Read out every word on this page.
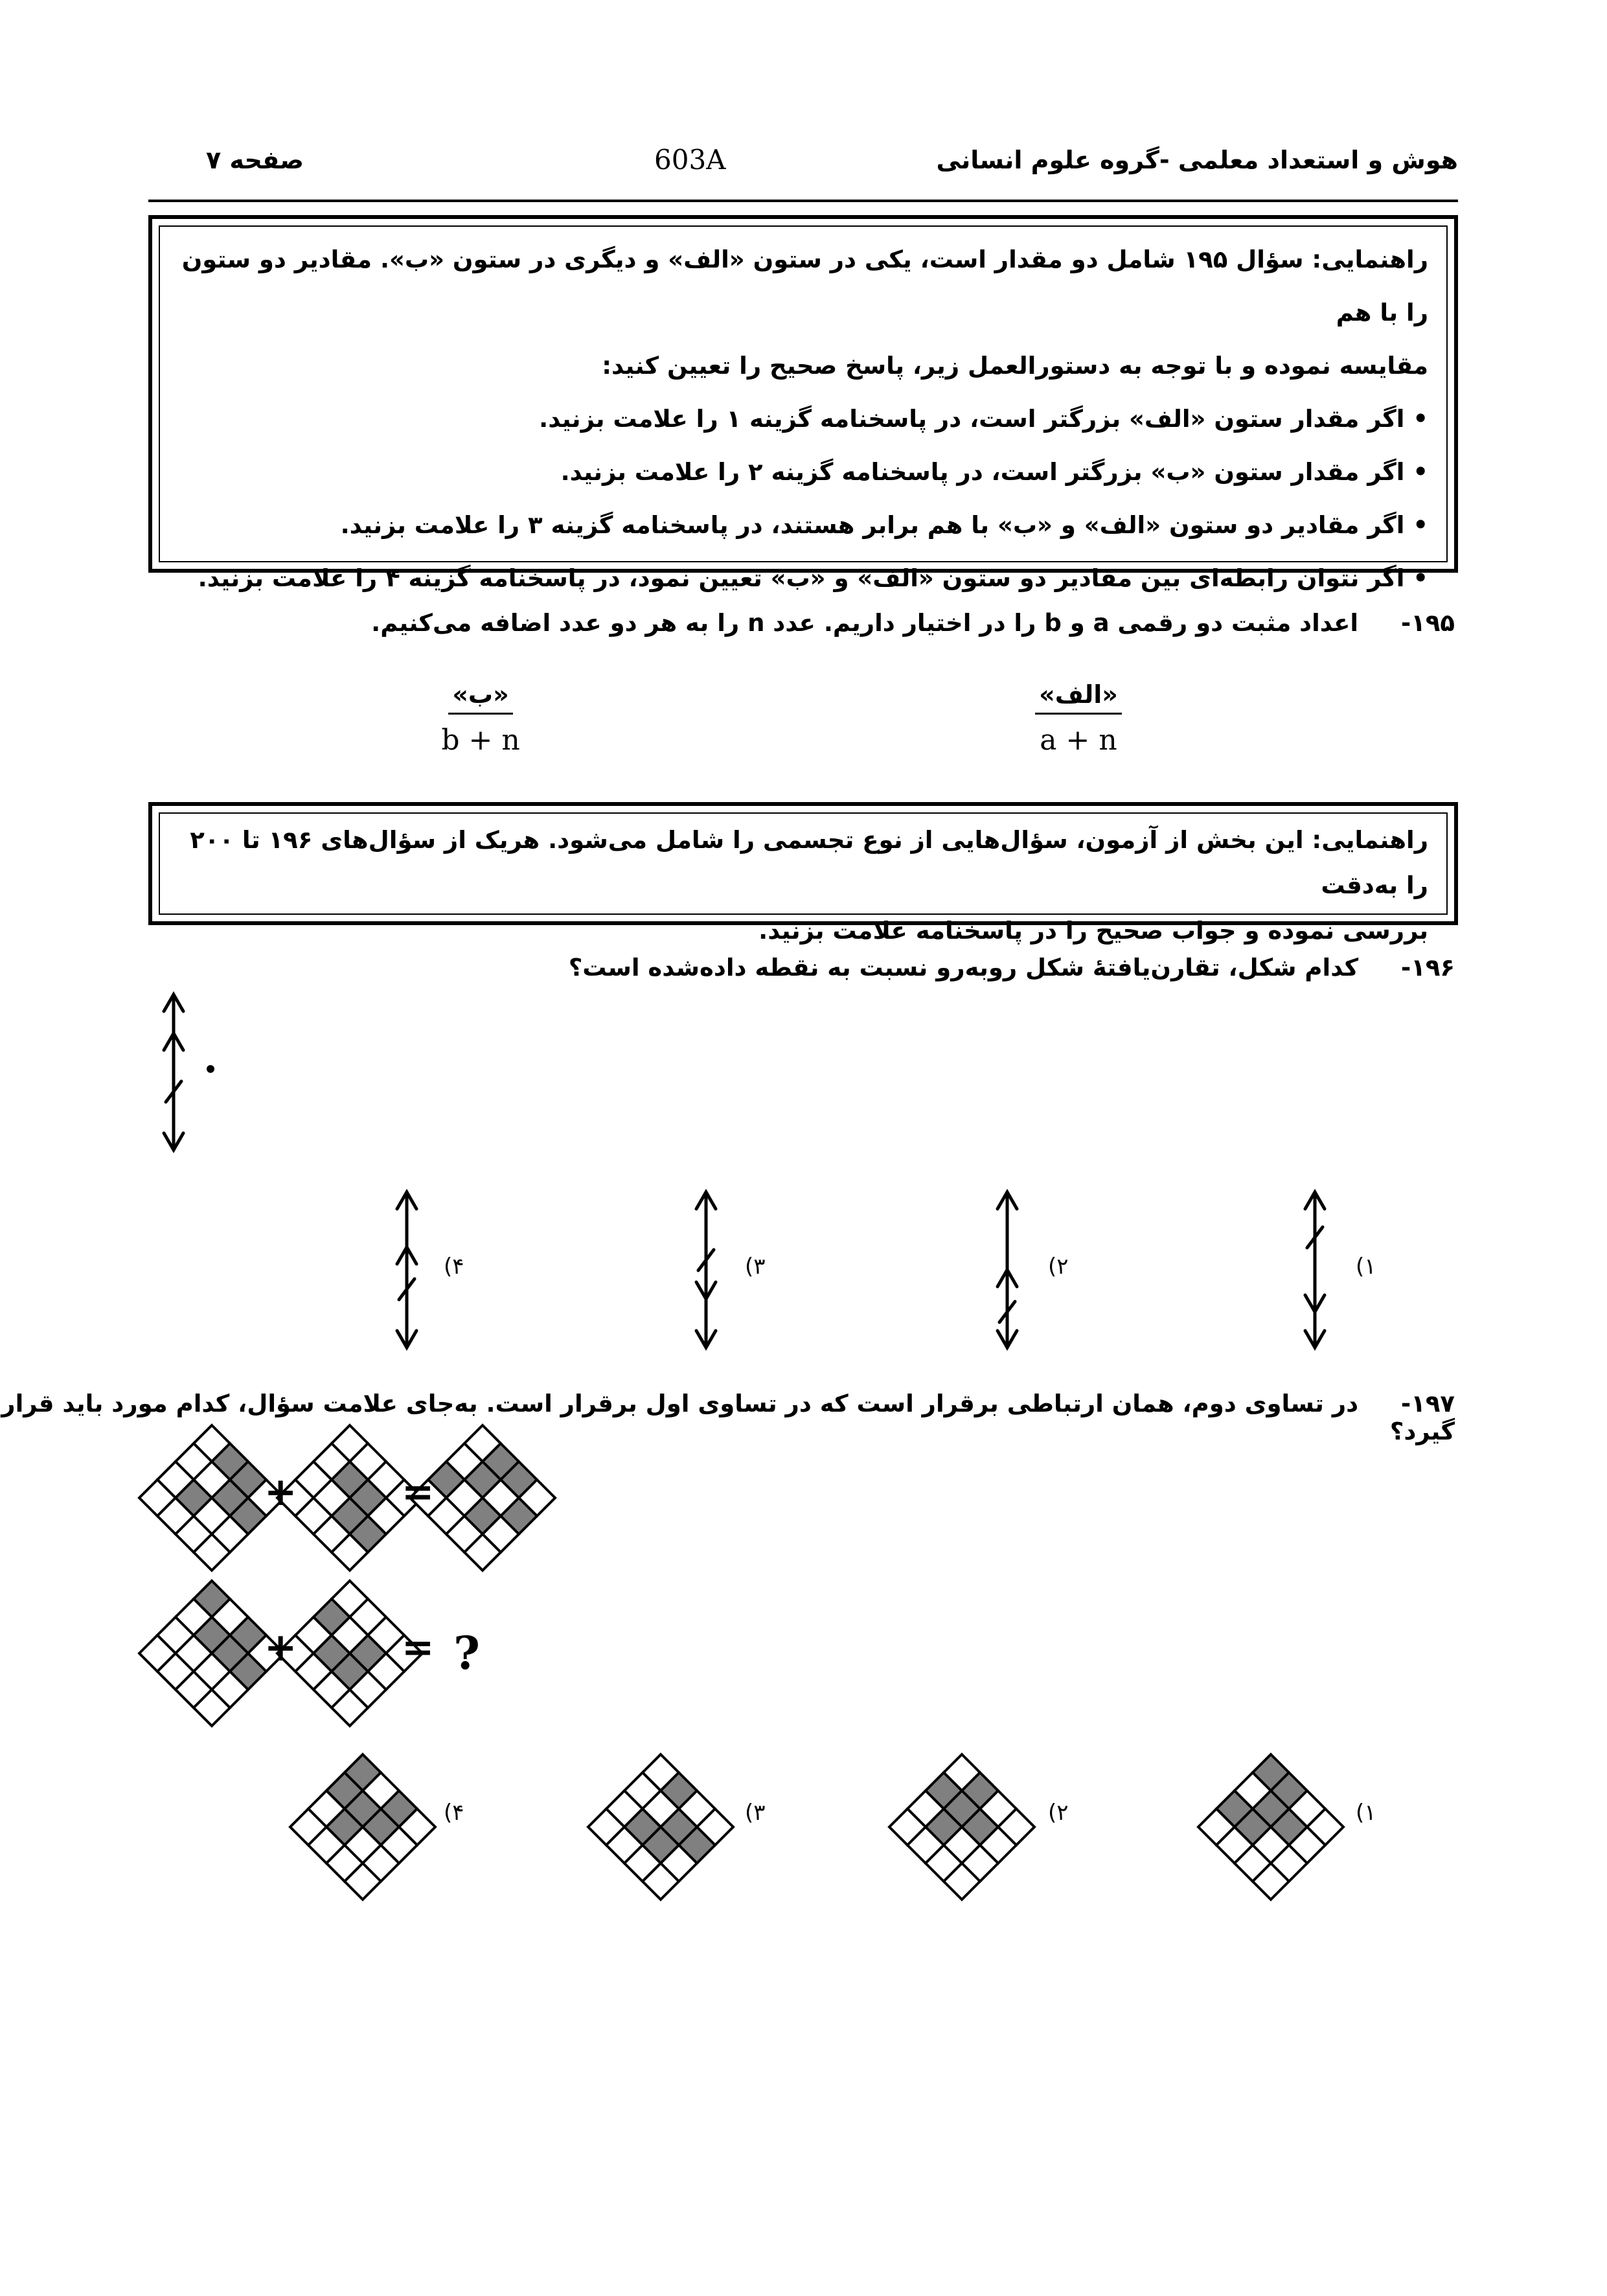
هوش و استعداد معلمی -گروه علوم انسانی
603A
صفحه ۷
راهنمایی: سؤال ۱۹۵ شامل دو مقدار است، یکی در ستون «الف» و دیگری در ستون «ب». مقادیر دو ستون را با هم
مقایسه نموده و با توجه به دستورالعمل زیر، پاسخ صحیح را تعیین کنید:
• اگر مقدار ستون «الف» بزرگتر است، در پاسخنامه گزینه ۱ را علامت بزنید.
• اگر مقدار ستون «ب» بزرگتر است، در پاسخنامه گزینه ۲ را علامت بزنید.
• اگر مقادیر دو ستون «الف» و «ب» با هم برابر هستند، در پاسخنامه گزینه ۳ را علامت بزنید.
• اگر نتوان رابطه‌ای بین مقادیر دو ستون «الف» و «ب» تعیین نمود، در پاسخنامه گزینه ۴ را علامت بزنید.
۱۹۵-  اعداد مثبت دو رقمی a و b را در اختیار داریم. عدد n را به هر دو عدد اضافه می‌کنیم.
«الف»
a + n
«ب»
b + n
راهنمایی: این بخش از آزمون، سؤال‌هایی از نوع تجسمی را شامل می‌شود. هریک از سؤال‌های ۱۹۶ تا ۲۰۰ را به‌دقت
بررسی نموده و جواب صحیح را در پاسخنامه علامت بزنید.
۱۹۶-  کدام شکل، تقارن‌یافتهٔ شکل روبه‌رو نسبت به نقطه داده‌شده است؟
۱)
۲)
۳)
۴)
۱۹۷-  در تساوی دوم، همان ارتباطی برقرار است که در تساوی اول برقرار است. به‌جای علامت سؤال، کدام مورد باید قرار گیرد؟
+	=
+	= ?
۱)
۲)
۳)
۴)
